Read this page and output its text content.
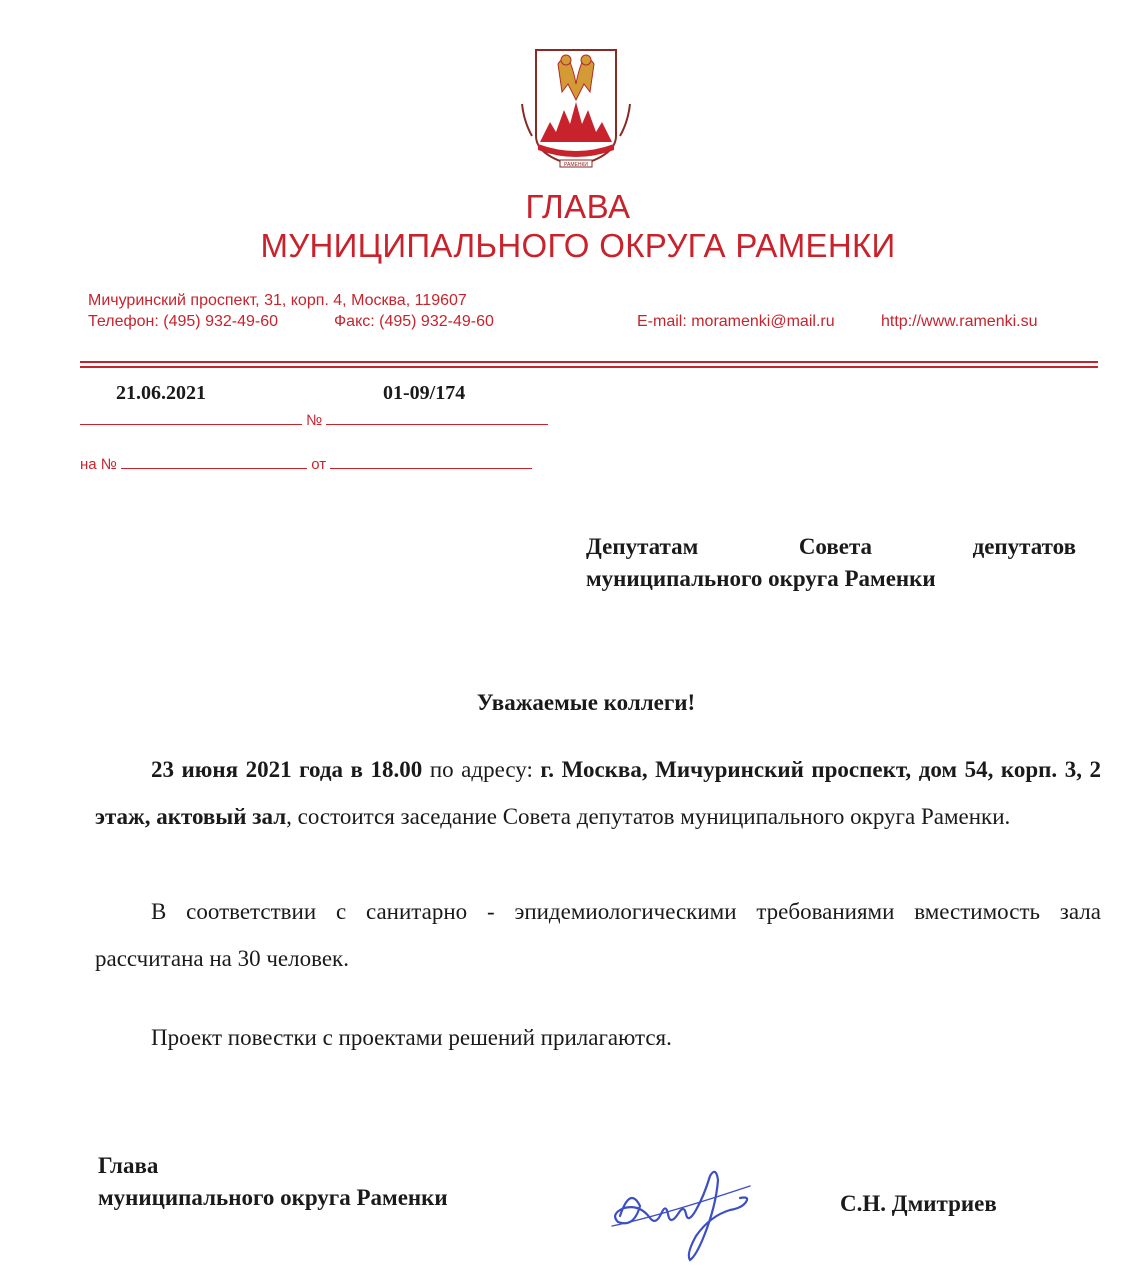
РАМЕНКИ
ГЛАВА
МУНИЦИПАЛЬНОГО ОКРУГА РАМЕНКИ
Мичуринский проспект, 31, корп. 4, Москва, 119607
Телефон: (495) 932-49-60	Факс: (495) 932-49-60	E-mail: moramenki@mail.ru	http://www.ramenki.su
21.06.2021	01-09/174
№
на №	от
Депутатам	Совета	депутатов
муниципального округа Раменки
Уважаемые коллеги!
23 июня 2021 года в 18.00 по адресу: г. Москва, Мичуринский проспект, дом 54, корп. 3, 2 этаж, актовый зал, состоится заседание Совета депутатов муниципального округа Раменки.
В соответствии с санитарно - эпидемиологическими требованиями вместимость зала рассчитана на 30 человек.
Проект повестки с проектами решений прилагаются.
Глава
муниципального округа Раменки	С.Н. Дмитриев
